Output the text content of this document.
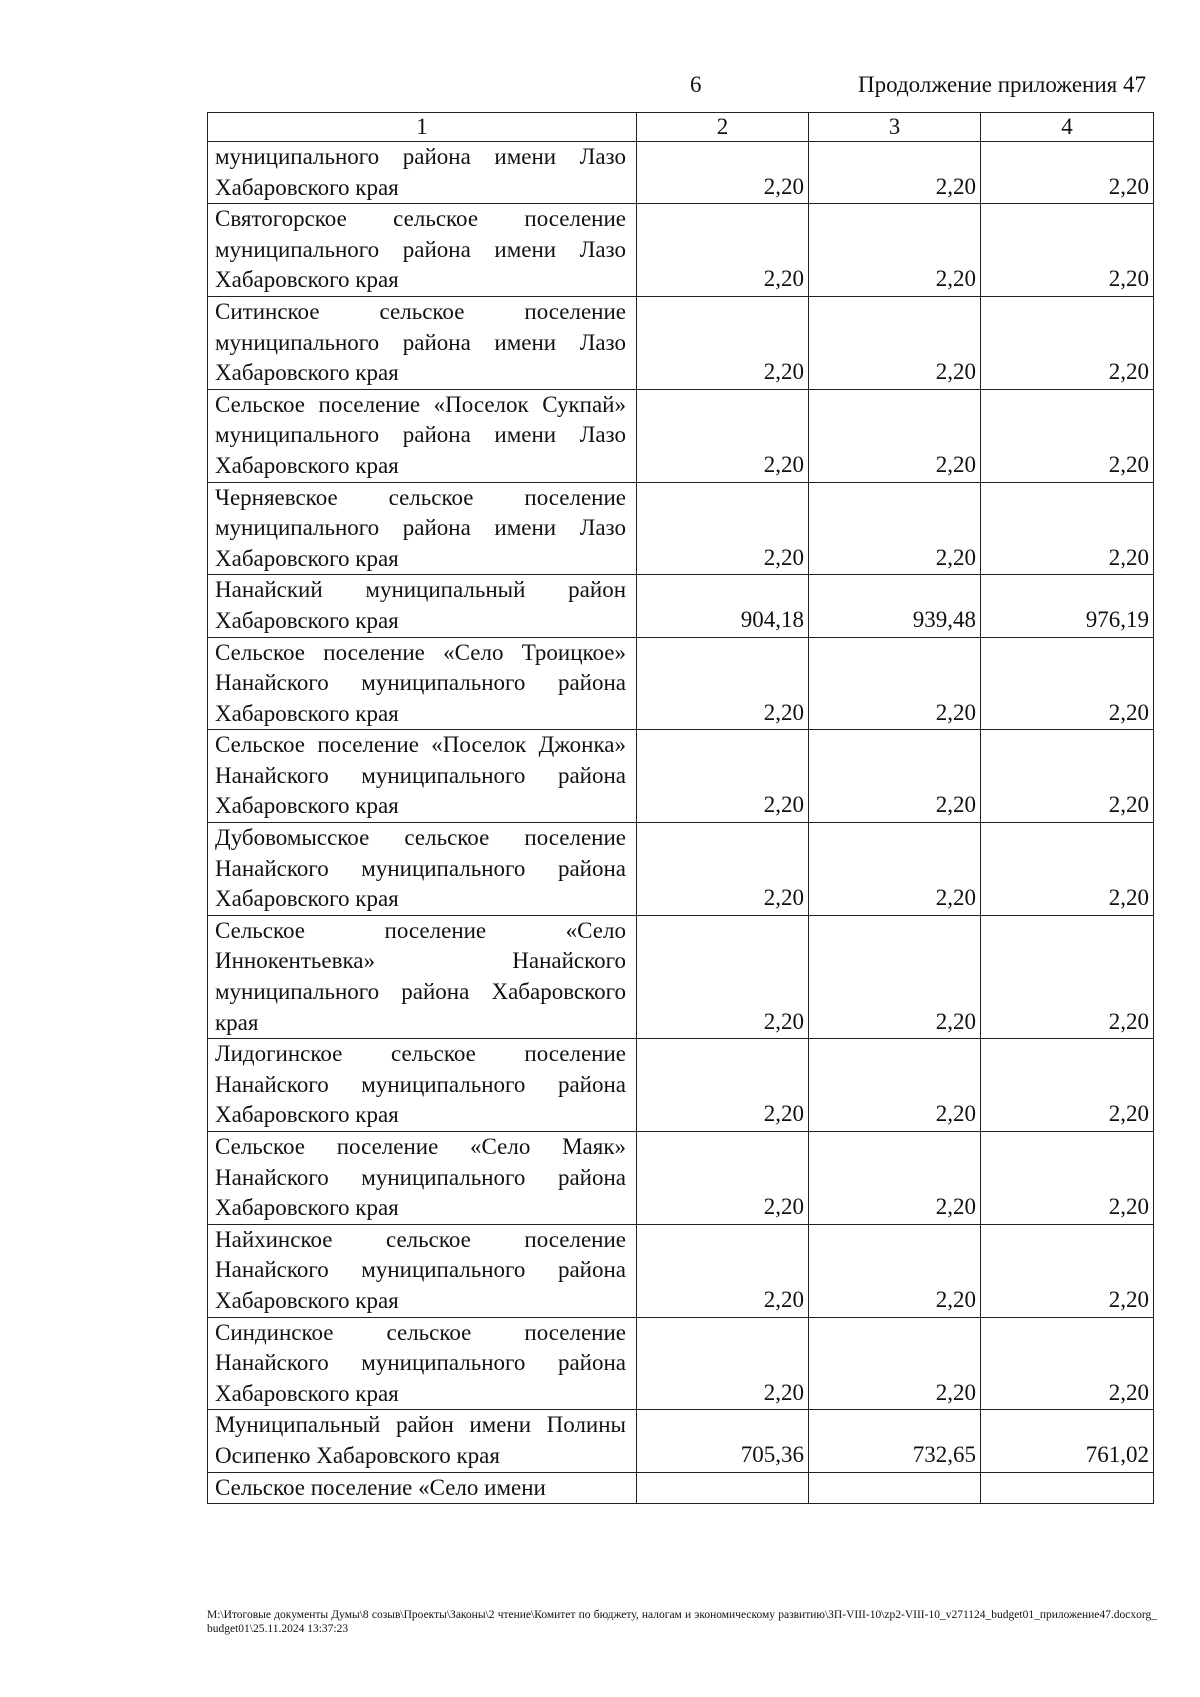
6	Продолжение приложения 47
1	2	3	4
муниципального района имени Лазо Хабаровского края	2,20	2,20	2,20
Святогорское сельское поселение муниципального района имени Лазо Хабаровского края	2,20	2,20	2,20
Ситинское сельское поселение муниципального района имени Лазо Хабаровского края	2,20	2,20	2,20
Сельское поселение «Поселок Сукпай» муниципального района имени Лазо Хабаровского края	2,20	2,20	2,20
Черняевское сельское поселение муниципального района имени Лазо Хабаровского края	2,20	2,20	2,20
Нанайский муниципальный район Хабаровского края	904,18	939,48	976,19
Сельское поселение «Село Троицкое» Нанайского муниципального района Хабаровского края	2,20	2,20	2,20
Сельское поселение «Поселок Джонка» Нанайского муниципального района Хабаровского края	2,20	2,20	2,20
Дубовомысское сельское поселение Нанайского муниципального района Хабаровского края	2,20	2,20	2,20
Сельское поселение «Село Иннокентьевка» Нанайского муниципального района Хабаровского края	2,20	2,20	2,20
Лидогинское сельское поселение Нанайского муниципального района Хабаровского края	2,20	2,20	2,20
Сельское поселение «Село Маяк» Нанайского муниципального района Хабаровского края	2,20	2,20	2,20
Найхинское сельское поселение Нанайского муниципального района Хабаровского края	2,20	2,20	2,20
Синдинское сельское поселение Нанайского муниципального района Хабаровского края	2,20	2,20	2,20
Муниципальный район имени Полины Осипенко Хабаровского края	705,36	732,65	761,02
Сельское поселение «Село имени			
M:\Итоговые документы Думы\8 созыв\Проекты\Законы\2 чтение\Комитет по бюджету, налогам и экономическому развитию\ЗП-VIII-10\zp2-VIII-10_v271124_budget01_приложение47.docxorg_budget01\25.11.2024 13:37:23
